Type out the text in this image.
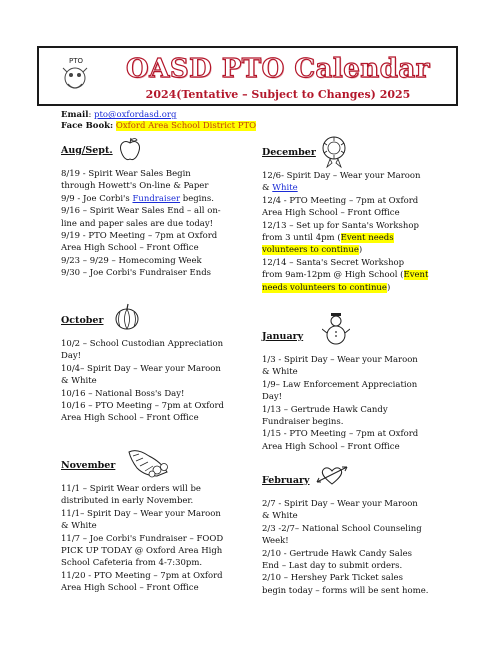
PTO	OASD PTO Calendar
2024(Tentative – Subject to Changes) 2025
Email: pto@oxfordasd.org
Face Book: Oxford Area School District PTO
Aug/Sept.
8/19 - Spirit Wear Sales Begin
through Howett's On-line & Paper
9/9 - Joe Corbi's Fundraiser begins.
9/16 – Spirit Wear Sales End – all on-
line and paper sales are due today!
9/19 - PTO Meeting – 7pm at Oxford
Area High School – Front Office
9/23 – 9/29 – Homecoming Week
9/30 – Joe Corbi's Fundraiser Ends
October
10/2 – School Custodian Appreciation
Day!
10/4– Spirit Day – Wear your Maroon
& White
10/16 – National Boss's Day!
10/16 – PTO Meeting – 7pm at Oxford
Area High School – Front Office
November
11/1 – Spirit Wear orders will be
distributed in early November.
11/1– Spirit Day – Wear your Maroon
& White
11/7 – Joe Corbi's Fundraiser – FOOD
PICK UP TODAY @ Oxford Area High
School Cafeteria from 4-7:30pm.
11/20 - PTO Meeting – 7pm at Oxford
Area High School – Front Office
December
12/6- Spirit Day – Wear your Maroon
& White
12/4 - PTO Meeting – 7pm at Oxford
Area High School – Front Office
12/13 – Set up for Santa's Workshop
from 3 until 4pm (Event needs
volunteers to continue)
12/14 – Santa's Secret Workshop
from 9am-12pm @ High School (Event
needs volunteers to continue)
January
1/3 - Spirit Day – Wear your Maroon
& White
1/9– Law Enforcement Appreciation
Day!
1/13 – Gertrude Hawk Candy
Fundraiser begins.
1/15 - PTO Meeting – 7pm at Oxford
Area High School – Front Office
February
2/7 - Spirit Day – Wear your Maroon
& White
2/3 -2/7– National School Counseling
Week!
2/10 - Gertrude Hawk Candy Sales
End – Last day to submit orders.
2/10 – Hershey Park Ticket sales
begin today – forms will be sent home.
